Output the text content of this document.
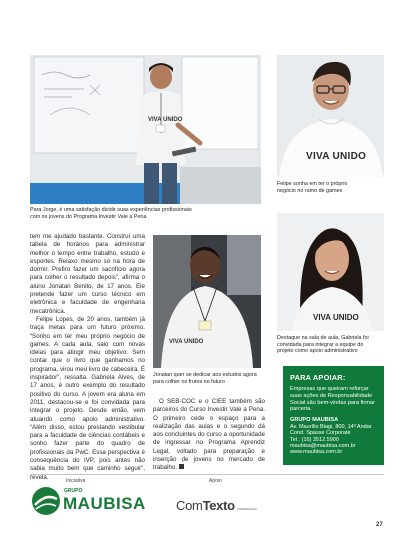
VIVA UNIDO
Para Jorge, é uma satisfação dividir suas experiências profissionais com os jovens do Programa Investir Vale a Pena
VIVA UNIDO
Felipe sonha em ter o próprio negócio no ramo de games
VIVA UNIDO
Destaque na sala de aula, Gabriela foi convidada para integrar a equipe do projeto como apoio administrativo
VIVA UNIDO
Jonatan quer se dedicar aos estudos agora para colher os frutos no futuro

tem me ajudado bastante. Construí uma tabela de horários para administrar melhor o tempo entre trabalho, estudo e esportes. Relaxo mesmo só na hora de dormir. Prefiro fazer um sacrifício agora para colher o resultado depois”, afirma o aluno Jonatan Benito, de 17 anos. Ele pretende fazer um curso técnico em eletrônica e faculdade de engenharia mecatrônica.

Felipe Lopes, de 20 anos, também já traça metas para um futuro próximo. “Sonho em ter meu próprio negócio de games. A cada aula, saio com novas ideias para atingir meu objetivo. Sem contar que o livro que ganhamos no programa, virou meu livro de cabeceira. É inspirador”, ressalta. Gabriela Alves, de 17 anos, é outro exemplo do resultado positivo do curso. A jovem era aluna em 2011, destacou-se e foi convidada para integrar o projeto. Desde então, vem atuando como apoio administrativo. “Além disso, estou prestando vestibular para a faculdade de ciências contábeis e sonho fazer parte do quadro de profissionais da PwC. Essa perspectiva é consequência do IVP, pois antes não sabia muito bem que caminho seguir”, revela.

O SEB-COC e o CIEE também são parceiros do Curso Investir Vale a Pena. O primeiro cede o espaço para a realização das aulas e o segundo dá aos concluintes do curso a oportunidade de ingressar no Programa Aprendiz Legal, voltado para preparação e inserção de jovens no mercado de trabalho.
PARA APOIAR:
Empresas que queiram reforçar suas ações de Responsabilidade Social são bem-vindas para firmar parceria.
GRUPO MAUBISA
Av. Maurílio Biagi, 800, 14º Andar
Cond. Spasse Corporate
Tel.: (16) 3512.5900
maubisa@maubisa.com.br
www.maubisa.com.br
Iniciativa	Apoio
GRUPO
MAUBISA ComTexto COMUNICAÇÃO
27
